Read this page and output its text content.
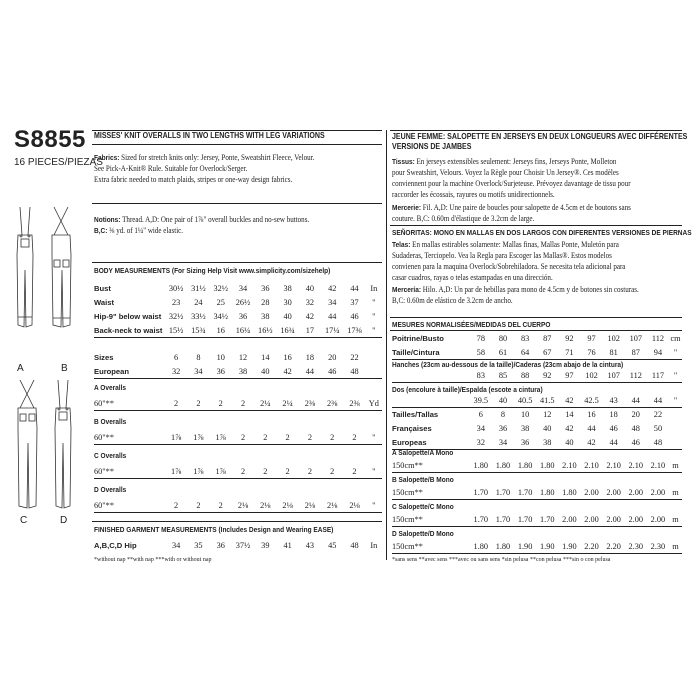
S8855
16 PIECES/PIEZAS
A	B
C	D
MISSES' KNIT OVERALLS IN TWO LENGTHS WITH LEG VARIATIONS
Fabrics: Sized for stretch knits only: Jersey, Ponte, Sweatshirt Fleece, Velour.
See Pick-A-Knit® Rule. Suitable for Overlock/Serger.
Extra fabric needed to match plaids, stripes or one-way design fabrics.
Notions: Thread. A,D: One pair of 1⅞" overall buckles and no-sew buttons.
B,C: ⅜ yd. of 1¼" wide elastic.
BODY MEASUREMENTS (For Sizing Help Visit www.simplicity.com/sizehelp)
Bust	30½	31½	32½	34	36	38	40	42	44	In
Waist	23	24	25	26½	28	30	32	34	37	"
Hip-9" below waist	32½	33½	34½	36	38	40	42	44	46	"
Back-neck to waist	15½	15¾	16	16¼	16½	16¾	17	17¼	17⅜	"
Sizes	6	8	10	12	14	16	18	20	22	
European	32	34	36	38	40	42	44	46	48	
A Overalls
60"**	2	2	2	2	2¼	2¼	2⅜	2⅜	2⅜	Yd
B Overalls
60"**	1⅞	1⅞	1⅞	2	2	2	2	2	2	"
C Overalls
60"**	1⅞	1⅞	1⅞	2	2	2	2	2	2	"
D Overalls
60"**	2	2	2	2⅛	2⅛	2⅛	2⅛	2⅛	2⅛	"
FINISHED GARMENT MEASUREMENTS (Includes Design and Wearing EASE)
A,B,C,D Hip	34	35	36	37½	39	41	43	45	48	In
*without nap **with nap ***with or without nap
JEUNE FEMME: SALOPETTE EN JERSEYS EN DEUX LONGUEURS AVEC DIFFÉRENTES
VERSIONS DE JAMBES
Tissus: En jerseys extensibles seulement: Jerseys fins, Jerseys Ponte, Molleton
pour Sweatshirt, Velours. Voyez la Règle pour Choisir Un Jersey®. Ces modèles
conviennent pour la machine Overlock/Surjeteuse. Prévoyez davantage de tissu pour
raccorder les écossais, rayures ou motifs unidirectionnels.
Mercerie: Fil. A,D: Une paire de boucles pour salopette de 4.5cm et de boutons sans
couture. B,C: 0.60m d'élastique de 3.2cm de large.
SEÑORITAS: MONO EN MALLAS EN DOS LARGOS CON DIFERENTES VERSIONES DE PIERNAS
Telas: En mallas estirables solamente: Mallas finas, Mallas Ponte, Muletón para
Sudaderas, Terciopelo. Vea la Regla para Escoger las Mallas®. Estos modelos
convienen para la maquina Overlock/Sobrehiladora. Se necesita tela adicional para
casar cuadros, rayas o telas estampadas en una dirección.
Mercería: Hilo. A,D: Un par de hebillas para mono de 4.5cm y de botones sin costuras.
B,C: 0.60m de elástico de 3.2cm de ancho.
MESURES NORMALISÉES/MEDIDAS DEL CUERPO
Poitrine/Busto	78	80	83	87	92	97	102	107	112	cm
Taille/Cintura	58	61	64	67	71	76	81	87	94	"
Hanches (23cm au-dessous de la taille)/Caderas (23cm abajo de la cintura)
	83	85	88	92	97	102	107	112	117	"
Dos (encolure à taille)/Espalda (escote a cintura)
	39.5	40	40.5	41.5	42	42.5	43	44	44	"
Tailles/Tallas	6	8	10	12	14	16	18	20	22	
Françaises	34	36	38	40	42	44	46	48	50	
Europeas	32	34	36	38	40	42	44	46	48	
A Salopette/A Mono
150cm**	1.80	1.80	1.80	1.80	2.10	2.10	2.10	2.10	2.10	m
B Salopette/B Mono
150cm**	1.70	1.70	1.70	1.80	1.80	2.00	2.00	2.00	2.00	m
C Salopette/C Mono
150cm**	1.70	1.70	1.70	1.70	2.00	2.00	2.00	2.00	2.00	m
D Salopette/D Mono
150cm**	1.80	1.80	1.90	1.90	1.90	2.20	2.20	2.30	2.30	m
*sans sens **avec sens ***avec ou sans sens *sin pelusa **con pelusa ***sin o con pelusa
